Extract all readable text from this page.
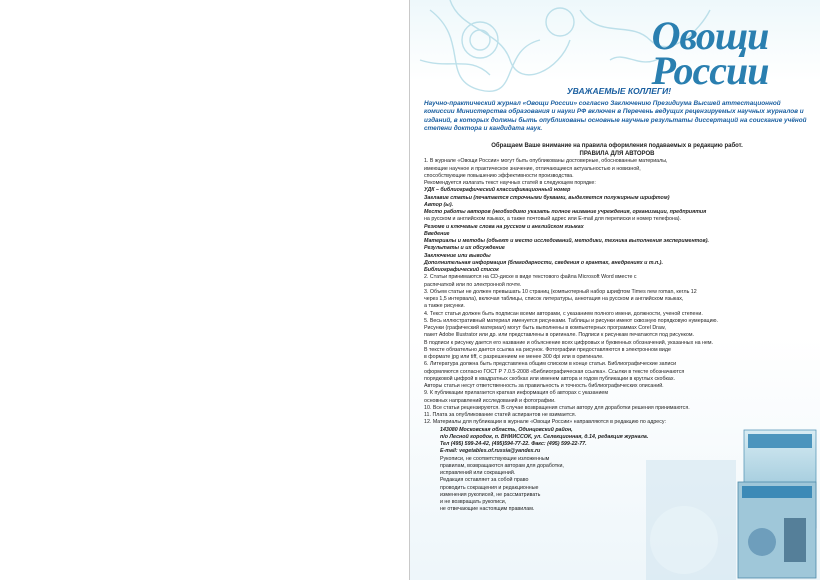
Овощи
России
УВАЖАЕМЫЕ КОЛЛЕГИ!
Научно-практический журнал «Овощи России» согласно Заключению Президиума Высшей аттестационной комиссии Министерства образования и науки РФ включен в Перечень ведущих рецензируемых научных журналов и изданий, в которых должны быть опубликованы основные научные результаты диссертаций на соискание учёной степени доктора и кандидата наук.
Обращаем Ваше внимание на правила оформления подаваемых в редакцию работ.
ПРАВИЛА ДЛЯ АВТОРОВ
1. В журнале «Овощи России» могут быть опубликованы достоверные, обоснованные материалы,
имеющие научное и практическое значение, отличающиеся актуальностью и новизной,
способствующие повышению эффективности производства.
Рекомендуется излагать текст научных статей в следующем порядке:
УДК – библиографический классификационный номер
Заглавие статьи (печатается строчными буквами, выделяется полужирным шрифтом)
Автор (ы).
Место работы авторов (необходимо указать полное название учреждения, организации, предприятия
на русском и английском языках, а также почтовый адрес или E-mail для переписки и номер телефона).
Резюме и ключевые слова на русском и английском языках
Введение
Материалы и методы (объект и место исследований, методики, техника выполнения экспериментов).
Результаты и их обсуждение
Заключение или выводы
Дополнительная информация (благодарности, сведения о грантах, внедрениях и т.п.).
Библиографический список
2. Статьи принимаются на CD-диске в виде текстового файла Microsoft Word вместе с
распечаткой или по электронной почте.
3. Объем статьи не должен превышать 10 страниц (компьютерный набор шрифтом Times new roman, кегль 12
через 1,5 интервала), включая таблицы, список литературы, аннотация на русском и английском языках,
а также рисунки.
4. Текст статьи должен быть подписан всеми авторами, с указанием полного имени, должности, ученой степени.
5. Весь иллюстративный материал именуется рисунками. Таблицы и рисунки имеют сквозную порядковую нумерацию.
Рисунки (графический материал) могут быть выполнены в компьютерных программах Corel Draw,
пакет Adobe Illustrator или др. или представлены в оригинале. Подписи к рисункам печатаются под рисунком.
В подписи к рисунку дается его название и объяснение всех цифровых и буквенных обозначений, указанных на нем.
В тексте обязательно дается ссылка на рисунок. Фотографии предоставляются в электронном виде
в формате jpg или tiff, с разрешением не менее 300 dpi или в оригинале.
6. Литература должна быть представлена общим списком в конце статьи. Библиографические записи
оформляются согласно ГОСТ Р 7.0.5-2008 «Библиографическая ссылка». Ссылки в тексте обозначаются
порядковой цифрой в квадратных скобках или именем автора и годом публикации в круглых скобках.
Авторы статьи несут ответственность за правильность и точность библиографических описаний.
9. К публикации прилагается краткая информация об авторах с указанием
основных направлений исследований и фотографии.
10. Все статьи рецензируются. В случае возвращения статьи автору для доработки решения принимаются.
11. Плата за опубликование статей аспирантов не взимается.
12. Материалы для публикации в журнале «Овощи России» направляются в редакцию по адресу:
143080 Московская область, Одинцовский район,
п/о Лесной городок, п. ВНИИССОК, ул. Селекционная, д.14, редакция журнала.
Тел (495) 599-24-42, (495)594-77-22. Факс: (495) 599-22-77.
E-mail: vegetables.of.russia@yandex.ru
Рукописи, не соответствующие изложенным
правилам, возвращаются авторам для доработки,
исправлений или сокращений.
Редакция оставляет за собой право
проводить сокращения и редакционные
изменения рукописей, не рассматривать
и не возвращать рукописи,
не отвечающие настоящим правилам.
